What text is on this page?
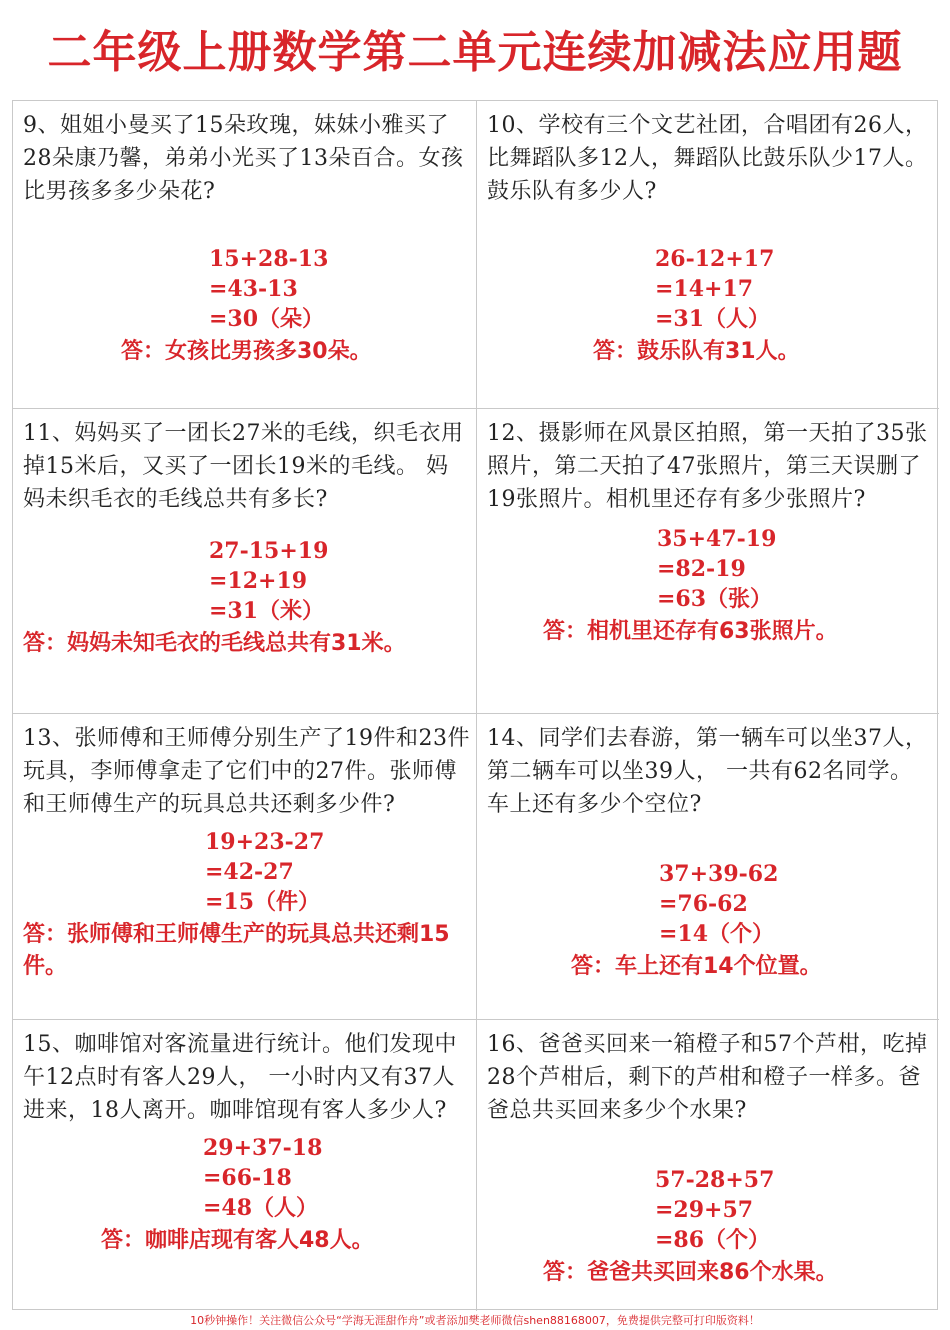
二年级上册数学第二单元连续加减法应用题
9、姐姐小曼买了15朵玫瑰，妹妹小雅买了28朵康乃馨，弟弟小光买了13朵百合。女孩比男孩多多少朵花?
15+28-13
=43-13
=30（朵）
答：女孩比男孩多30朵。
10、学校有三个文艺社团，合唱团有26人，比舞蹈队多12人，舞蹈队比鼓乐队少17人。鼓乐队有多少人?
26-12+17
=14+17
=31（人）
答：鼓乐队有31人。
11、妈妈买了一团长27米的毛线，织毛衣用掉15米后，又买了一团长19米的毛线。 妈妈未织毛衣的毛线总共有多长?
27-15+19
=12+19
=31（米）
答：妈妈未知毛衣的毛线总共有31米。
12、摄影师在风景区拍照，第一天拍了35张照片，第二天拍了47张照片，第三天误删了19张照片。相机里还存有多少张照片?
35+47-19
=82-19
=63（张）
答：相机里还存有63张照片。
13、张师傅和王师傅分别生产了19件和23件玩具，李师傅拿走了它们中的27件。张师傅和王师傅生产的玩具总共还剩多少件?
19+23-27
=42-27
=15（件）
答：张师傅和王师傅生产的玩具总共还剩15件。
14、同学们去春游，第一辆车可以坐37人，第二辆车可以坐39人， 一共有62名同学。车上还有多少个空位?
37+39-62
=76-62
=14（个）
答：车上还有14个位置。
15、咖啡馆对客流量进行统计。他们发现中午12点时有客人29人， 一小时内又有37人进来，18人离开。咖啡馆现有客人多少人?
29+37-18
=66-18
=48（人）
答：咖啡店现有客人48人。
16、爸爸买回来一箱橙子和57个芦柑，吃掉28个芦柑后，剩下的芦柑和橙子一样多。爸爸总共买回来多少个水果?
57-28+57
=29+57
=86（个）
答：爸爸共买回来86个水果。
10秒钟操作！关注微信公众号“学海无涯甜作舟”或者添加樊老师微信shen88168007，免费提供完整可打印版资料！
